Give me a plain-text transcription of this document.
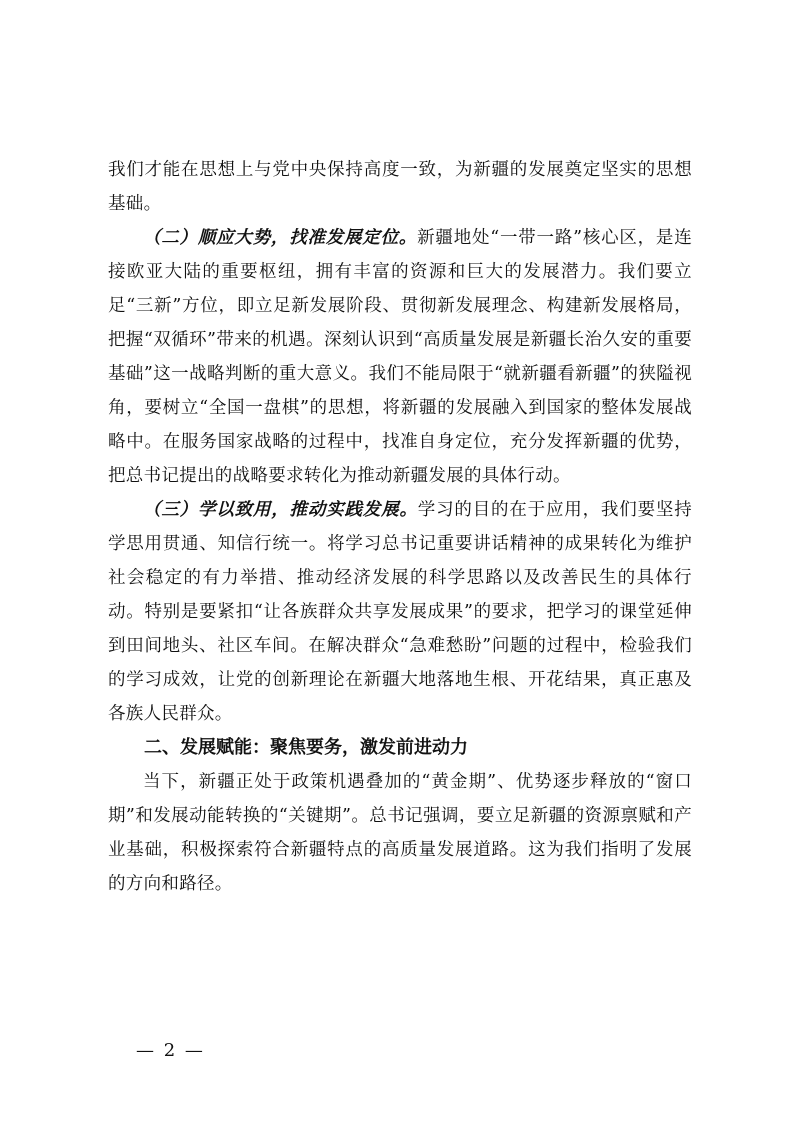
我们才能在思想上与党中央保持高度一致，为新疆的发展奠定坚实的思想基础。

（二）顺应大势，找准发展定位。新疆地处“一带一路”核心区，是连接欧亚大陆的重要枢纽，拥有丰富的资源和巨大的发展潜力。我们要立足“三新”方位，即立足新发展阶段、贯彻新发展理念、构建新发展格局，把握“双循环”带来的机遇。深刻认识到“高质量发展是新疆长治久安的重要基础”这一战略判断的重大意义。我们不能局限于“就新疆看新疆”的狭隘视角，要树立“全国一盘棋”的思想，将新疆的发展融入到国家的整体发展战略中。在服务国家战略的过程中，找准自身定位，充分发挥新疆的优势，把总书记提出的战略要求转化为推动新疆发展的具体行动。

（三）学以致用，推动实践发展。学习的目的在于应用，我们要坚持学思用贯通、知信行统一。将学习总书记重要讲话精神的成果转化为维护社会稳定的有力举措、推动经济发展的科学思路以及改善民生的具体行动。特别是要紧扣“让各族群众共享发展成果”的要求，把学习的课堂延伸到田间地头、社区车间。在解决群众“急难愁盼”问题的过程中，检验我们的学习成效，让党的创新理论在新疆大地落地生根、开花结果，真正惠及各族人民群众。

二、发展赋能：聚焦要务，激发前进动力

当下，新疆正处于政策机遇叠加的“黄金期”、优势逐步释放的“窗口期”和发展动能转换的“关键期”。总书记强调，要立足新疆的资源禀赋和产业基础，积极探索符合新疆特点的高质量发展道路。这为我们指明了发展的方向和路径。

— 2 —
